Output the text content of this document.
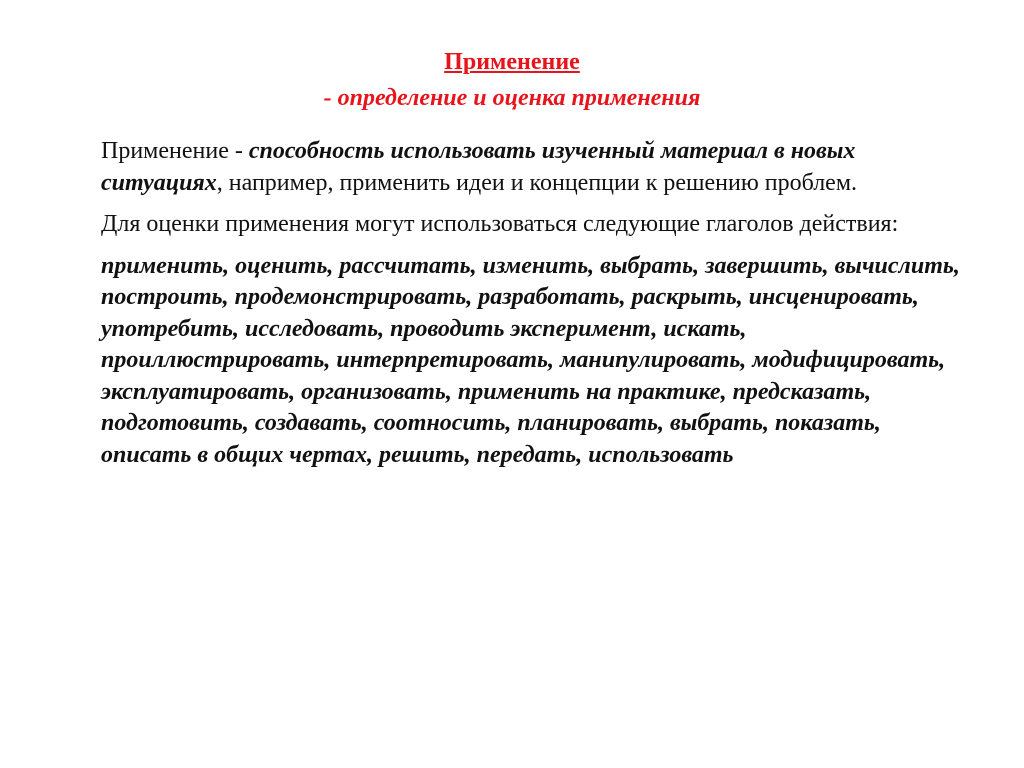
Применение
- определение и оценка применения

Применение - способность использовать изученный материал в новых ситуациях, например, применить идеи и концепции к решению проблем.

Для оценки применения могут использоваться следующие глаголов действия:

применить, оценить, рассчитать, изменить, выбрать, завершить, вычислить, построить, продемонстрировать, разработать, раскрыть, инсценировать, употребить, исследовать, проводить эксперимент, искать, проиллюстрировать, интерпретировать, манипулировать, модифицировать, эксплуатировать, организовать, применить на практике, предсказать, подготовить, создавать, соотносить, планировать, выбрать, показать, описать в общих чертах, решить, передать, использовать
